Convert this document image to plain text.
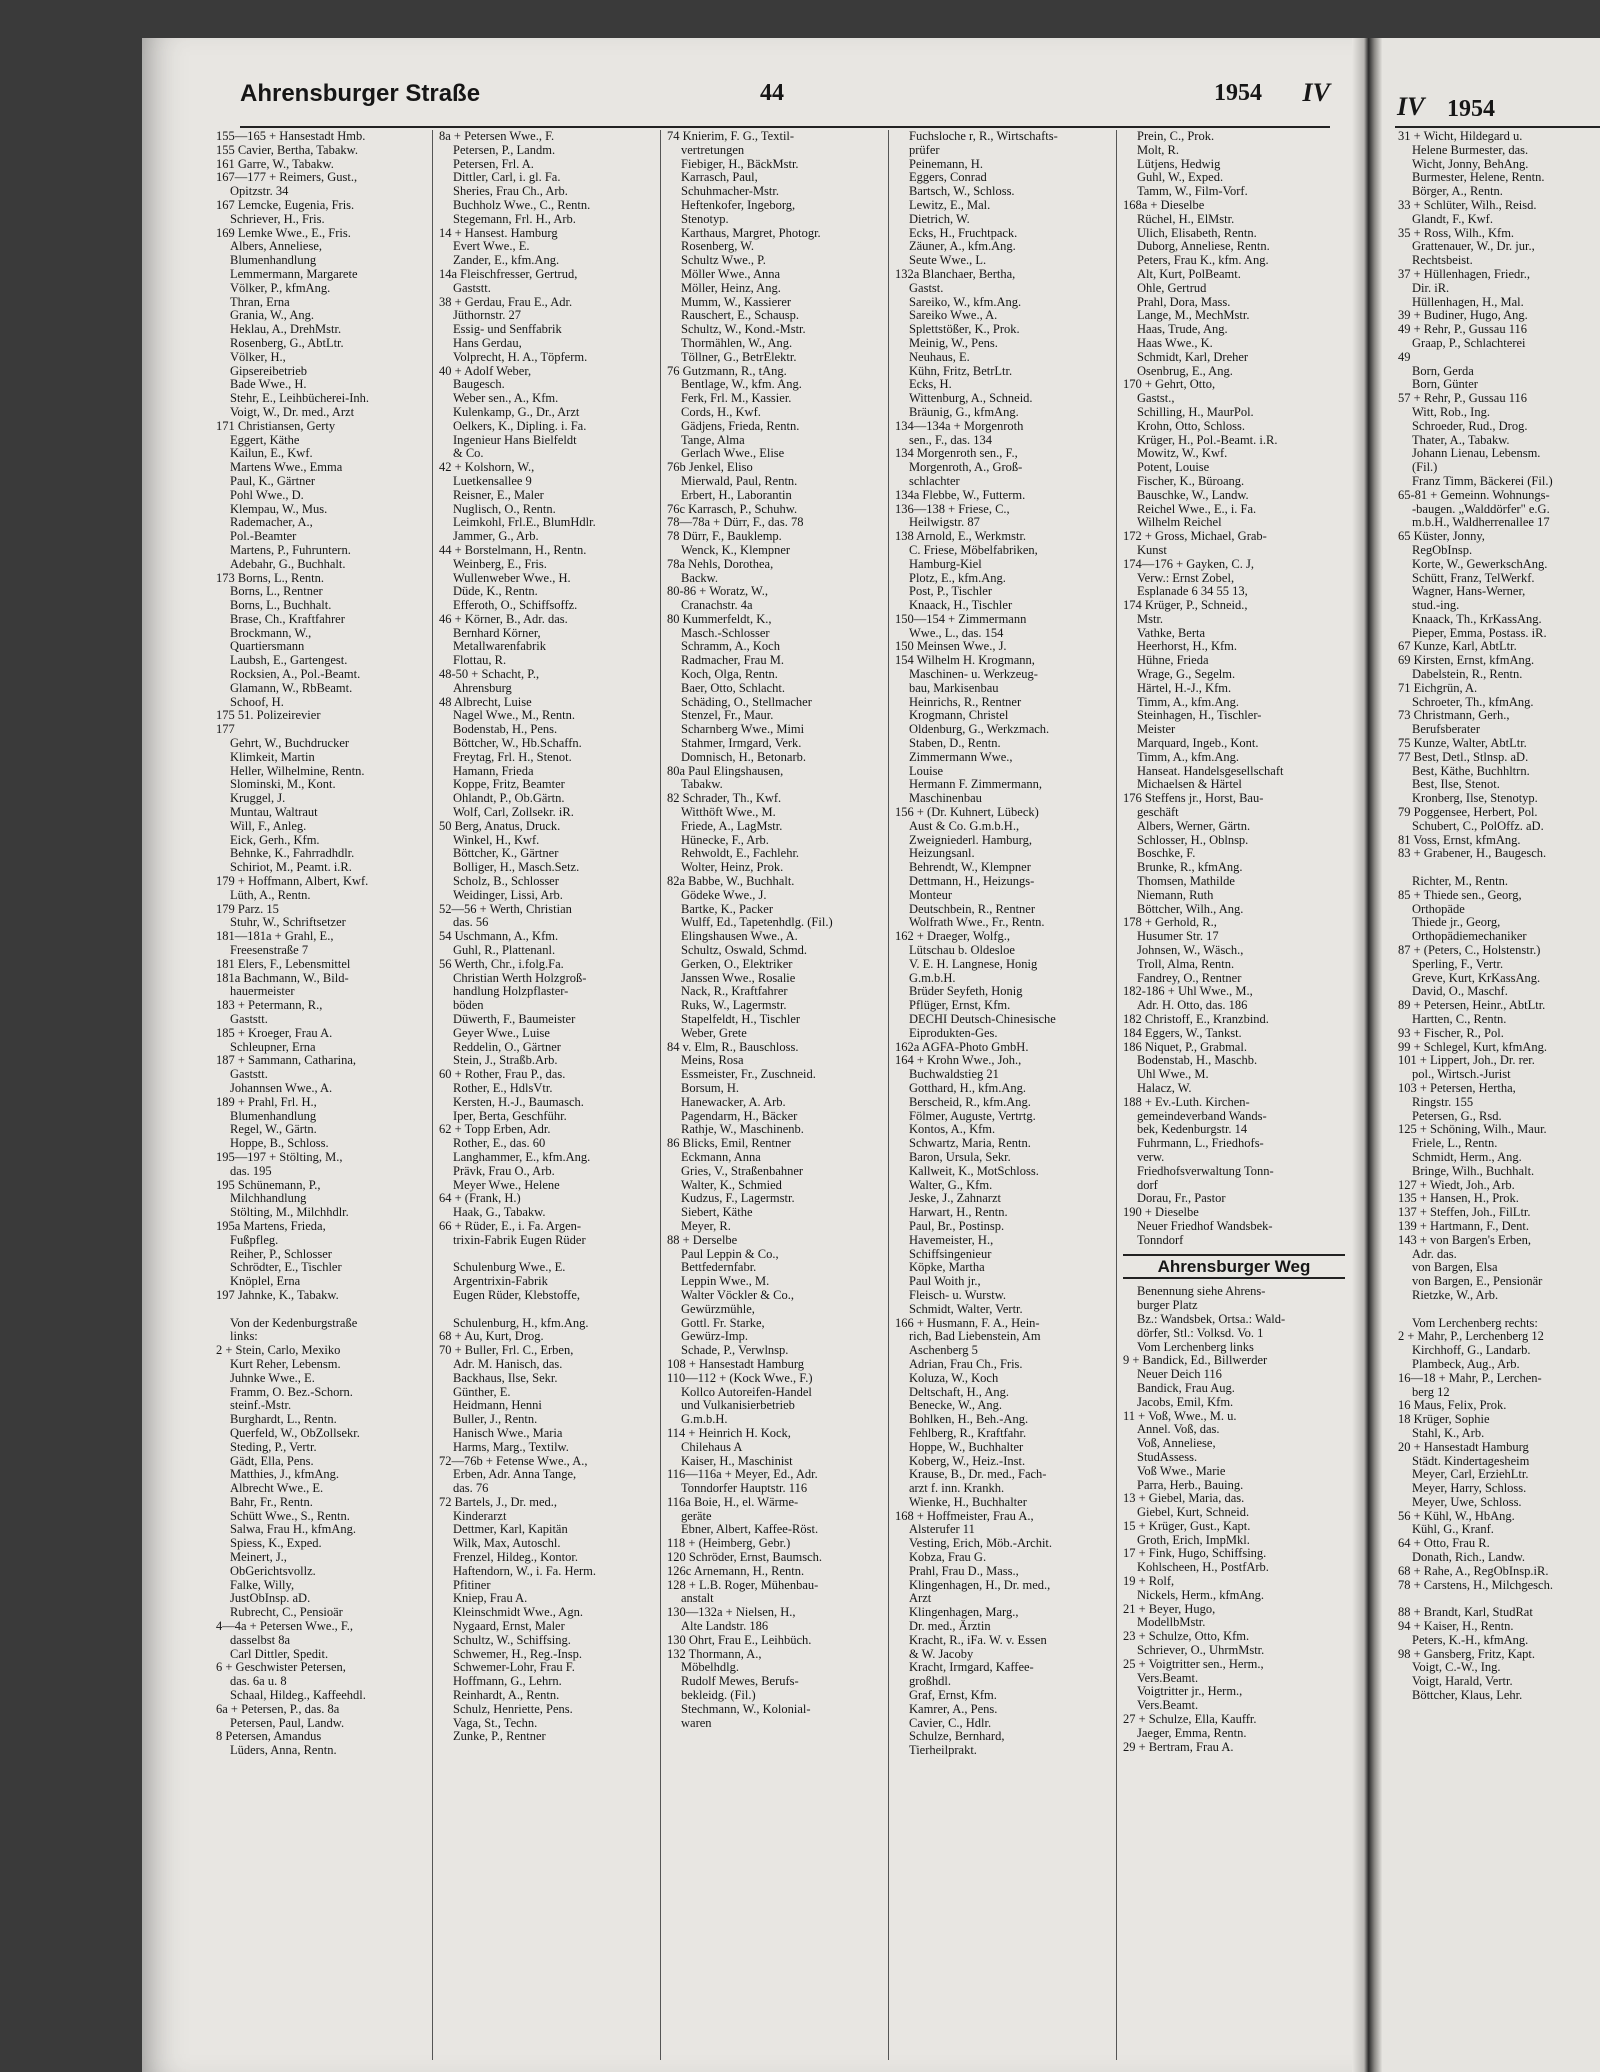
Ahrensburger Straße	44	1954 IV	IV 1954
155—165 + Hansestadt Hmb.
155 Cavier, Bertha, Tabakw.
161 Garre, W., Tabakw.
167—177 + Reimers, Gust.,
Opitzstr. 34
167 Lemcke, Eugenia, Fris.
Schriever, H., Fris.
169 Lemke Wwe., E., Fris.
Albers, Anneliese,
Blumenhandlung
Lemmermann, Margarete
Völker, P., kfmAng.
Thran, Erna
Grania, W., Ang.
Heklau, A., DrehMstr.
Rosenberg, G., AbtLtr.
Völker, H.,
Gipsereibetrieb
Bade Wwe., H.
Stehr, E., Leihbücherei-Inh.
Voigt, W., Dr. med., Arzt
171 Christiansen, Gerty
Eggert, Käthe
Kailun, E., Kwf.
Martens Wwe., Emma
Paul, K., Gärtner
Pohl Wwe., D.
Klempau, W., Mus.
Rademacher, A.,
Pol.-Beamter
Martens, P., Fuhruntern.
Adebahr, G., Buchhalt.
173 Borns, L., Rentn.
Borns, L., Rentner
Borns, L., Buchhalt.
Brase, Ch., Kraftfahrer
Brockmann, W.,
Quartiersmann
Laubsh, E., Gartengest.
Rocksien, A., Pol.-Beamt.
Glamann, W., RbBeamt.
Schoof, H.
175 51. Polizeirevier
177
Gehrt, W., Buchdrucker
Klimkeit, Martin
Heller, Wilhelmine, Rentn.
Slominski, M., Kont.
Kruggel, J.
Muntau, Waltraut
Will, F., Anleg.
Eick, Gerh., Kfm.
Behnke, K., Fahrradhdlr.
Schiriot, M., Peamt. i.R.
179 + Hoffmann, Albert, Kwf.
Lüth, A., Rentn.
179 Parz. 15
Stuhr, W., Schriftsetzer
181—181a + Grahl, E.,
Freesenstraße 7
181 Elers, F., Lebensmittel
181a Bachmann, W., Bild-
hauermeister
183 + Petermann, R.,
Gaststt.
185 + Kroeger, Frau A.
Schleupner, Erna
187 + Sammann, Catharina,
Gaststt.
Johannsen Wwe., A.
189 + Prahl, Frl. H.,
Blumenhandlung
Regel, W., Gärtn.
Hoppe, B., Schloss.
195—197 + Stölting, M.,
das. 195
195 Schünemann, P.,
Milchhandlung
Stölting, M., Milchhdlr.
195a Martens, Frieda,
Fußpfleg.
Reiher, P., Schlosser
Schrödter, E., Tischler
Knöplel, Erna
197 Jahnke, K., Tabakw.

Von der Kedenburgstraße
links:
2 + Stein, Carlo, Mexiko
Kurt Reher, Lebensm.
Juhnke Wwe., E.
Framm, O. Bez.-Schorn.
steinf.-Mstr.
Burghardt, L., Rentn.
Querfeld, W., ObZollsekr.
Steding, P., Vertr.
Gädt, Ella, Pens.
Matthies, J., kfmAng.
Albrecht Wwe., E.
Bahr, Fr., Rentn.
Schütt Wwe., S., Rentn.
Salwa, Frau H., kfmAng.
Spiess, K., Exped.
Meinert, J.,
ObGerichtsvollz.
Falke, Willy,
JustObInsp. aD.
Rubrecht, C., Pensioär
4—4a + Petersen Wwe., F.,
dasselbst 8a
Carl Dittler, Spedit.
6 + Geschwister Petersen,
das. 6a u. 8
Schaal, Hildeg., Kaffeehdl.
6a + Petersen, P., das. 8a
Petersen, Paul, Landw.
8 Petersen, Amandus
Lüders, Anna, Rentn.
8a + Petersen Wwe., F.
Petersen, P., Landm.
Petersen, Frl. A.
Dittler, Carl, i. gl. Fa.
Sheries, Frau Ch., Arb.
Buchholz Wwe., C., Rentn.
Stegemann, Frl. H., Arb.
14 + Hansest. Hamburg
Evert Wwe., E.
Zander, E., kfm.Ang.
14a Fleischfresser, Gertrud,
Gaststt.
38 + Gerdau, Frau E., Adr.
Jüthornstr. 27
Essig- und Senffabrik
Hans Gerdau,
Volprecht, H. A., Töpferm.
40 + Adolf Weber,
Baugesch.
Weber sen., A., Kfm.
Kulenkamp, G., Dr., Arzt
Oelkers, K., Dipling. i. Fa.
Ingenieur Hans Bielfeldt
& Co.
42 + Kolshorn, W.,
Luetkensallee 9
Reisner, E., Maler
Nuglisch, O., Rentn.
Leimkohl, Frl.E., BlumHdlr.
Jammer, G., Arb.
44 + Borstelmann, H., Rentn.
Weinberg, E., Fris.
Wullenweber Wwe., H.
Düde, K., Rentn.
Efferoth, O., Schiffsoffz.
46 + Körner, B., Adr. das.
Bernhard Körner,
Metallwarenfabrik
Flottau, R.
48-50 + Schacht, P.,
Ahrensburg
48 Albrecht, Luise
Nagel Wwe., M., Rentn.
Bodenstab, H., Pens.
Böttcher, W., Hb.Schaffn.
Freytag, Frl. H., Stenot.
Hamann, Frieda
Koppe, Fritz, Beamter
Ohlandt, P., Ob.Gärtn.
Wolf, Carl, Zollsekr. iR.
50 Berg, Anatus, Druck.
Winkel, H., Kwf.
Böttcher, K., Gärtner
Bolliger, H., Masch.Setz.
Scholz, B., Schlosser
Weidinger, Lissi, Arb.
52—56 + Werth, Christian
das. 56
54 Uschmann, A., Kfm.
Guhl, R., Plattenanl.
56 Werth, Chr., i.folg.Fa.
Christian Werth Holzgroß-
handlung Holzpflaster-
böden
Düwerth, F., Baumeister
Geyer Wwe., Luise
Reddelin, O., Gärtner
Stein, J., Straßb.Arb.
60 + Rother, Frau P., das.
Rother, E., HdlsVtr.
Kersten, H.-J., Baumasch.
Iper, Berta, Geschführ.
62 + Topp Erben, Adr.
Rother, E., das. 60
Langhammer, E., kfm.Ang.
Prävk, Frau O., Arb.
Meyer Wwe., Helene
64 + (Frank, H.)
Haak, G., Tabakw.
66 + Rüder, E., i. Fa. Argen-
trixin-Fabrik Eugen Rüder

Schulenburg Wwe., E.
Argentrixin-Fabrik
Eugen Rüder, Klebstoffe,

Schulenburg, H., kfm.Ang.
68 + Au, Kurt, Drog.
70 + Buller, Frl. C., Erben,
Adr. M. Hanisch, das.
Backhaus, Ilse, Sekr.
Günther, E.
Heidmann, Henni
Buller, J., Rentn.
Hanisch Wwe., Maria
Harms, Marg., Textilw.
72—76b + Fetense Wwe., A.,
Erben, Adr. Anna Tange,
das. 76
72 Bartels, J., Dr. med.,
Kinderarzt
Dettmer, Karl, Kapitän
Wilk, Max, Autoschl.
Frenzel, Hildeg., Kontor.
Haftendorn, W., i. Fa. Herm.
Pfitiner
Kniep, Frau A.
Kleinschmidt Wwe., Agn.
Nygaard, Ernst, Maler
Schultz, W., Schiffsing.
Schwemer, H., Reg.-Insp.
Schwemer-Lohr, Frau F.
Hoffmann, G., Lehrn.
Reinhardt, A., Rentn.
Schulz, Henriette, Pens.
Vaga, St., Techn.
Zunke, P., Rentner
74 Knierim, F. G., Textil-
vertretungen
Fiebiger, H., BäckMstr.
Karrasch, Paul,
Schuhmacher-Mstr.
Heftenkofer, Ingeborg,
Stenotyp.
Karthaus, Margret, Photogr.
Rosenberg, W.
Schultz Wwe., P.
Möller Wwe., Anna
Möller, Heinz, Ang.
Mumm, W., Kassierer
Rauschert, E., Schausp.
Schultz, W., Kond.-Mstr.
Thormählen, W., Ang.
Töllner, G., BetrElektr.
76 Gutzmann, R., tAng.
Bentlage, W., kfm. Ang.
Ferk, Frl. M., Kassier.
Cords, H., Kwf.
Gädjens, Frieda, Rentn.
Tange, Alma
Gerlach Wwe., Elise
76b Jenkel, Eliso
Mierwald, Paul, Rentn.
Erbert, H., Laborantin
76c Karrasch, P., Schuhw.
78—78a + Dürr, F., das. 78
78 Dürr, F., Bauklemp.
Wenck, K., Klempner
78a Nehls, Dorothea,
Backw.
80-86 + Woratz, W.,
Cranachstr. 4a
80 Kummerfeldt, K.,
Masch.-Schlosser
Schramm, A., Koch
Radmacher, Frau M.
Koch, Olga, Rentn.
Baer, Otto, Schlacht.
Schäding, O., Stellmacher
Stenzel, Fr., Maur.
Scharnberg Wwe., Mimi
Stahmer, Irmgard, Verk.
Domnisch, H., Betonarb.
80a Paul Elingshausen,
Tabakw.
82 Schrader, Th., Kwf.
Witthöft Wwe., M.
Friede, A., LagMstr.
Hünecke, F., Arb.
Rehwoldt, E., Fachlehr.
Wolter, Heinz, Prok.
82a Babbe, W., Buchhalt.
Gödeke Wwe., J.
Bartke, K., Packer
Wulff, Ed., Tapetenhdlg. (Fil.)
Elingshausen Wwe., A.
Schultz, Oswald, Schmd.
Gerken, O., Elektriker
Janssen Wwe., Rosalie
Nack, R., Kraftfahrer
Ruks, W., Lagermstr.
Stapelfeldt, H., Tischler
Weber, Grete
84 v. Elm, R., Bauschloss.
Meins, Rosa
Essmeister, Fr., Zuschneid.
Borsum, H.
Hanewacker, A. Arb.
Pagendarm, H., Bäcker
Rathje, W., Maschinenb.
86 Blicks, Emil, Rentner
Eckmann, Anna
Gries, V., Straßenbahner
Walter, K., Schmied
Kudzus, F., Lagermstr.
Siebert, Käthe
Meyer, R.
88 + Derselbe
Paul Leppin & Co.,
Bettfedernfabr.
Leppin Wwe., M.
Walter Vöckler & Co.,
Gewürzmühle,
Gottl. Fr. Starke,
Gewürz-Imp.
Schade, P., Verwlnsp.
108 + Hansestadt Hamburg
110—112 + (Kock Wwe., F.)
Kollco Autoreifen-Handel
und Vulkanisierbetrieb
G.m.b.H.
114 + Heinrich H. Kock,
Chilehaus A
Kaiser, H., Maschinist
116—116a + Meyer, Ed., Adr.
Tonndorfer Hauptstr. 116
116a Boie, H., el. Wärme-
geräte
Ebner, Albert, Kaffee-Röst.
118 + (Heimberg, Gebr.)
120 Schröder, Ernst, Baumsch.
126c Arnemann, H., Rentn.
128 + L.B. Roger, Mühenbau-
anstalt
130—132a + Nielsen, H.,
Alte Landstr. 186
130 Ohrt, Frau E., Leihbüch.
132 Thormann, A.,
Möbelhdlg.
Rudolf Mewes, Berufs-
bekleidg. (Fil.)
Stechmann, W., Kolonial-
waren
Fuchsloche r, R., Wirtschafts-
prüfer
Peinemann, H.
Eggers, Conrad
Bartsch, W., Schloss.
Lewitz, E., Mal.
Dietrich, W.
Ecks, H., Fruchtpack.
Zäuner, A., kfm.Ang.
Seute Wwe., L.
132a Blanchaer, Bertha,
Gastst.
Sareiko, W., kfm.Ang.
Sareiko Wwe., A.
Splettstößer, K., Prok.
Meinig, W., Pens.
Neuhaus, E.
Kühn, Fritz, BetrLtr.
Ecks, H.
Wittenburg, A., Schneid.
Bräunig, G., kfmAng.
134—134a + Morgenroth
sen., F., das. 134
134 Morgenroth sen., F.,
Morgenroth, A., Groß-
schlachter
134a Flebbe, W., Futterm.
136—138 + Friese, C.,
Heilwigstr. 87
138 Arnold, E., Werkmstr.
C. Friese, Möbelfabriken,
Hamburg-Kiel
Plotz, E., kfm.Ang.
Post, P., Tischler
Knaack, H., Tischler
150—154 + Zimmermann
Wwe., L., das. 154
150 Meinsen Wwe., J.
154 Wilhelm H. Krogmann,
Maschinen- u. Werkzeug-
bau, Markisenbau
Heinrichs, R., Rentner
Krogmann, Christel
Oldenburg, G., Werkzmach.
Staben, D., Rentn.
Zimmermann Wwe.,
Louise
Hermann F. Zimmermann,
Maschinenbau
156 + (Dr. Kuhnert, Lübeck)
Aust & Co. G.m.b.H.,
Zweigniederl. Hamburg,
Heizungsanl.
Behrendt, W., Klempner
Dettmann, H., Heizungs-
Monteur
Deutschbein, R., Rentner
Wolfrath Wwe., Fr., Rentn.
162 + Draeger, Wolfg.,
Lütschau b. Oldesloe
V. E. H. Langnese, Honig
G.m.b.H.
Brüder Seyfeth, Honig
Pflüger, Ernst, Kfm.
DECHI Deutsch-Chinesische
Eiprodukten-Ges.
162a AGFA-Photo GmbH.
164 + Krohn Wwe., Joh.,
Buchwaldstieg 21
Gotthard, H., kfm.Ang.
Berscheid, R., kfm.Ang.
Fölmer, Auguste, Vertrtg.
Kontos, A., Kfm.
Schwartz, Maria, Rentn.
Baron, Ursula, Sekr.
Kallweit, K., MotSchloss.
Walter, G., Kfm.
Jeske, J., Zahnarzt
Harwart, H., Rentn.
Paul, Br., Postinsp.
Havemeister, H.,
Schiffsingenieur
Köpke, Martha
Paul Woith jr.,
Fleisch- u. Wurstw.
Schmidt, Walter, Vertr.
166 + Husmann, F. A., Hein-
rich, Bad Liebenstein, Am
Aschenberg 5
Adrian, Frau Ch., Fris.
Koluza, W., Koch
Deltschaft, H., Ang.
Benecke, W., Ang.
Bohlken, H., Beh.-Ang.
Fehlberg, R., Kraftfahr.
Hoppe, W., Buchhalter
Koberg, W., Heiz.-Inst.
Krause, B., Dr. med., Fach-
arzt f. inn. Krankh.
Wienke, H., Buchhalter
168 + Hoffmeister, Frau A.,
Alsterufer 11
Vesting, Erich, Möb.-Archit.
Kobza, Frau G.
Prahl, Frau D., Mass.,
Klingenhagen, H., Dr. med.,
Arzt
Klingenhagen, Marg.,
Dr. med., Ärztin
Kracht, R., iFa. W. v. Essen
& W. Jacoby
Kracht, Irmgard, Kaffee-
großhdl.
Graf, Ernst, Kfm.
Kamrer, A., Pens.
Cavier, C., Hdlr.
Schulze, Bernhard,
Tierheilprakt.
Prein, C., Prok.
Molt, R.
Lütjens, Hedwig
Guhl, W., Exped.
Tamm, W., Film-Vorf.
168a + Dieselbe
Rüchel, H., ElMstr.
Ulich, Elisabeth, Rentn.
Duborg, Anneliese, Rentn.
Peters, Frau K., kfm. Ang.
Alt, Kurt, PolBeamt.
Ohle, Gertrud
Prahl, Dora, Mass.
Lange, M., MechMstr.
Haas, Trude, Ang.
Haas Wwe., K.
Schmidt, Karl, Dreher
Osenbrug, E., Ang.
170 + Gehrt, Otto,
Gastst.,
Schilling, H., MaurPol.
Krohn, Otto, Schloss.
Krüger, H., Pol.-Beamt. i.R.
Mowitz, W., Kwf.
Potent, Louise
Fischer, K., Büroang.
Bauschke, W., Landw.
Reichel Wwe., E., i. Fa.
Wilhelm Reichel
172 + Gross, Michael, Grab-
Kunst
174—176 + Gayken, C. J,
Verw.: Ernst Zobel,
Esplanade 6 34 55 13,
174 Krüger, P., Schneid.,
Mstr.
Vathke, Berta
Heerhorst, H., Kfm.
Hühne, Frieda
Wrage, G., Segelm.
Härtel, H.-J., Kfm.
Timm, A., kfm.Ang.
Steinhagen, H., Tischler-
Meister
Marquard, Ingeb., Kont.
Timm, A., kfm.Ang.
Hanseat. Handelsgesellschaft
Michaelsen & Härtel
176 Steffens jr., Horst, Bau-
geschäft
Albers, Werner, Gärtn.
Schlosser, H., Oblnsp.
Boschke, F.
Brunke, R., kfmAng.
Thomsen, Mathilde
Niemann, Ruth
Böttcher, Wilh., Ang.
178 + Gerhold, R.,
Husumer Str. 17
Johnsen, W., Wäsch.,
Troll, Alma, Rentn.
Fandrey, O., Rentner
182-186 + Uhl Wwe., M.,
Adr. H. Otto, das. 186
182 Christoff, E., Kranzbind.
184 Eggers, W., Tankst.
186 Niquet, P., Grabmal.
Bodenstab, H., Maschb.
Uhl Wwe., M.
Halacz, W.
188 + Ev.-Luth. Kirchen-
gemeindeverband Wands-
bek, Kedenburgstr. 14
Fuhrmann, L., Friedhofs-
verw.
Friedhofsverwaltung Tonn-
dorf
Dorau, Fr., Pastor
190 + Dieselbe
Neuer Friedhof Wandsbek-
Tonndorf
Ahrensburger Weg
Benennung siehe Ahrens-
burger Platz
Bz.: Wandsbek, Ortsa.: Wald-
dörfer, Stl.: Volksd. Vo. 1
Vom Lerchenberg links
9 + Bandick, Ed., Billwerder
Neuer Deich 116
Bandick, Frau Aug.
Jacobs, Emil, Kfm.
11 + Voß, Wwe., M. u.
Annel. Voß, das.
Voß, Anneliese,
StudAssess.
Voß Wwe., Marie
Parra, Herb., Bauing.
13 + Giebel, Maria, das.
Giebel, Kurt, Schneid.
15 + Krüger, Gust., Kapt.
Groth, Erich, ImpMkl.
17 + Fink, Hugo, Schiffsing.
Kohlscheen, H., PostfArb.
19 + Rolf,
Nickels, Herm., kfmAng.
21 + Beyer, Hugo,
ModellbMstr.
23 + Schulze, Otto, Kfm.
Schriever, O., UhrmMstr.
25 + Voigtritter sen., Herm.,
Vers.Beamt.
Voigtritter jr., Herm.,
Vers.Beamt.
27 + Schulze, Ella, Kauffr.
Jaeger, Emma, Rentn.
29 + Bertram, Frau A.
31 + Wicht, Hildegard u.
Helene Burmester, das.
Wicht, Jonny, BehAng.
Burmester, Helene, Rentn.
Börger, A., Rentn.
33 + Schlüter, Wilh., Reisd.
Glandt, F., Kwf.
35 + Ross, Wilh., Kfm.
Grattenauer, W., Dr. jur.,
Rechtsbeist.
37 + Hüllenhagen, Friedr.,
Dir. iR.
Hüllenhagen, H., Mal.
39 + Budiner, Hugo, Ang.
49 + Rehr, P., Gussau 116
Graap, P., Schlachterei
49
Born, Gerda
Born, Günter
57 + Rehr, P., Gussau 116
Witt, Rob., Ing.
Schroeder, Rud., Drog.
Thater, A., Tabakw.
Johann Lienau, Lebensm.
(Fil.)
Franz Timm, Bäckerei (Fil.)
65-81 + Gemeinn. Wohnungs-
-baugen. „Walddörfer" e.G.
m.b.H., Waldherrenallee 17
65 Küster, Jonny,
RegObInsp.
Korte, W., GewerkschAng.
Schütt, Franz, TelWerkf.
Wagner, Hans-Werner,
stud.-ing.
Knaack, Th., KrKassAng.
Pieper, Emma, Postass. iR.
67 Kunze, Karl, AbtLtr.
69 Kirsten, Ernst, kfmAng.
Dabelstein, R., Rentn.
71 Eichgrün, A.
Schroeter, Th., kfmAng.
73 Christmann, Gerh.,
Berufsberater
75 Kunze, Walter, AbtLtr.
77 Best, Detl., Stlnsp. aD.
Best, Käthe, Buchhltrn.
Best, Ilse, Stenot.
Kronberg, Ilse, Stenotyp.
79 Poggensee, Herbert, Pol.
Schubert, C., PolOffz. aD.
81 Voss, Ernst, kfmAng.
83 + Grabener, H., Baugesch.

Richter, M., Rentn.
85 + Thiede sen., Georg,
Orthopäde
Thiede jr., Georg,
Orthopädiemechaniker
87 + (Peters, C., Holstenstr.)
Sperling, F., Vertr.
Greve, Kurt, KrKassAng.
David, O., Maschf.
89 + Petersen, Heinr., AbtLtr.
Hartten, C., Rentn.
93 + Fischer, R., Pol.
99 + Schlegel, Kurt, kfmAng.
101 + Lippert, Joh., Dr. rer.
pol., Wirtsch.-Jurist
103 + Petersen, Hertha,
Ringstr. 155
Petersen, G., Rsd.
125 + Schöning, Wilh., Maur.
Friele, L., Rentn.
Schmidt, Herm., Ang.
Bringe, Wilh., Buchhalt.
127 + Wiedt, Joh., Arb.
135 + Hansen, H., Prok.
137 + Steffen, Joh., FilLtr.
139 + Hartmann, F., Dent.
143 + von Bargen's Erben,
Adr. das.
von Bargen, Elsa
von Bargen, E., Pensionär
Rietzke, W., Arb.

Vom Lerchenberg rechts:
2 + Mahr, P., Lerchenberg 12
Kirchhoff, G., Landarb.
Plambeck, Aug., Arb.
16—18 + Mahr, P., Lerchen-
berg 12
16 Maus, Felix, Prok.
18 Krüger, Sophie
Stahl, K., Arb.
20 + Hansestadt Hamburg
Städt. Kindertagesheim
Meyer, Carl, ErziehLtr.
Meyer, Harry, Schloss.
Meyer, Uwe, Schloss.
56 + Kühl, W., HbAng.
Kühl, G., Kranf.
64 + Otto, Frau R.
Donath, Rich., Landw.
68 + Rahe, A., RegObInsp.iR.
78 + Carstens, H., Milchgesch.

88 + Brandt, Karl, StudRat
94 + Kaiser, H., Rentn.
Peters, K.-H., kfmAng.
98 + Gansberg, Fritz, Kapt.
Voigt, C.-W., Ing.
Voigt, Harald, Vertr.
Böttcher, Klaus, Lehr.
